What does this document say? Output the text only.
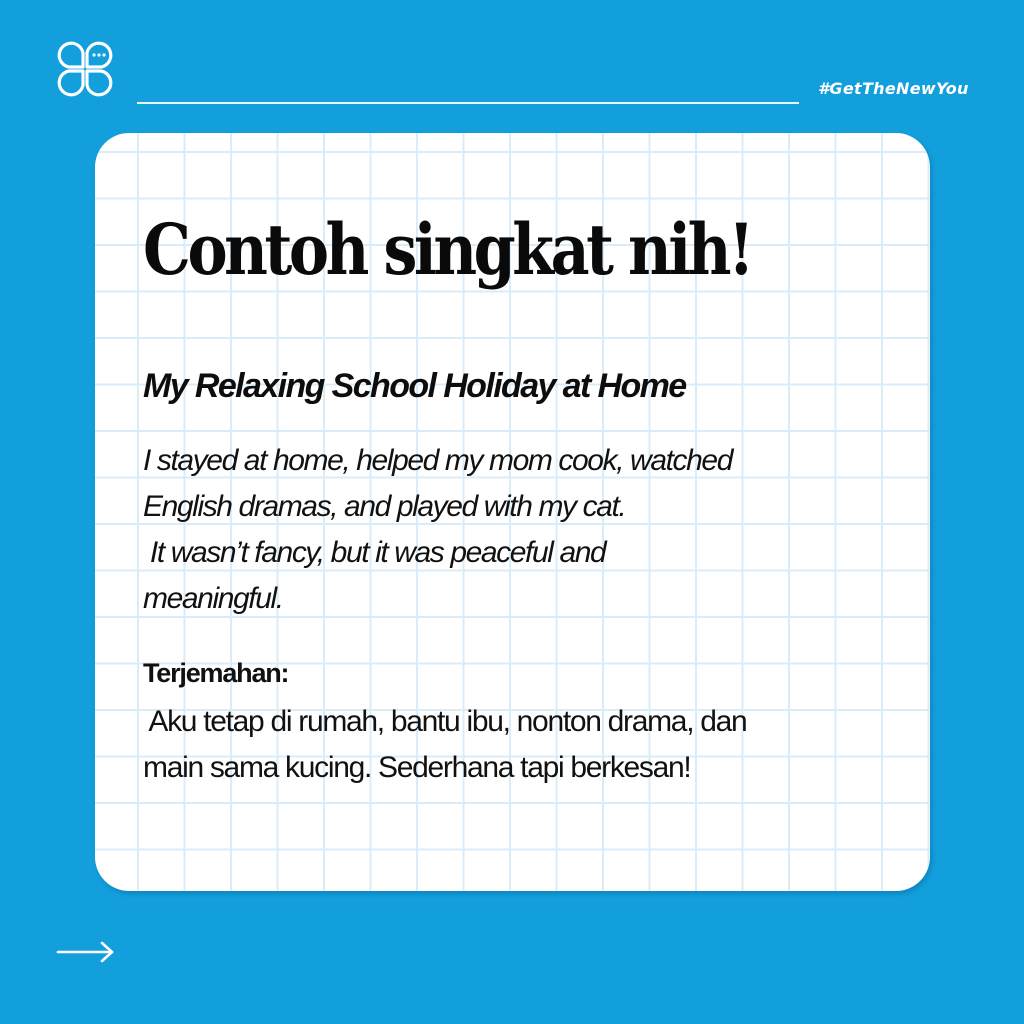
#GetTheNewYou
Contoh singkat nih!
My Relaxing School Holiday at Home

I stayed at home, helped my mom cook, watched
English dramas, and played with my cat.
It wasn’t fancy, but it was peaceful and
meaningful.

Terjemahan:

Aku tetap di rumah, bantu ibu, nonton drama, dan
main sama kucing. Sederhana tapi berkesan!
